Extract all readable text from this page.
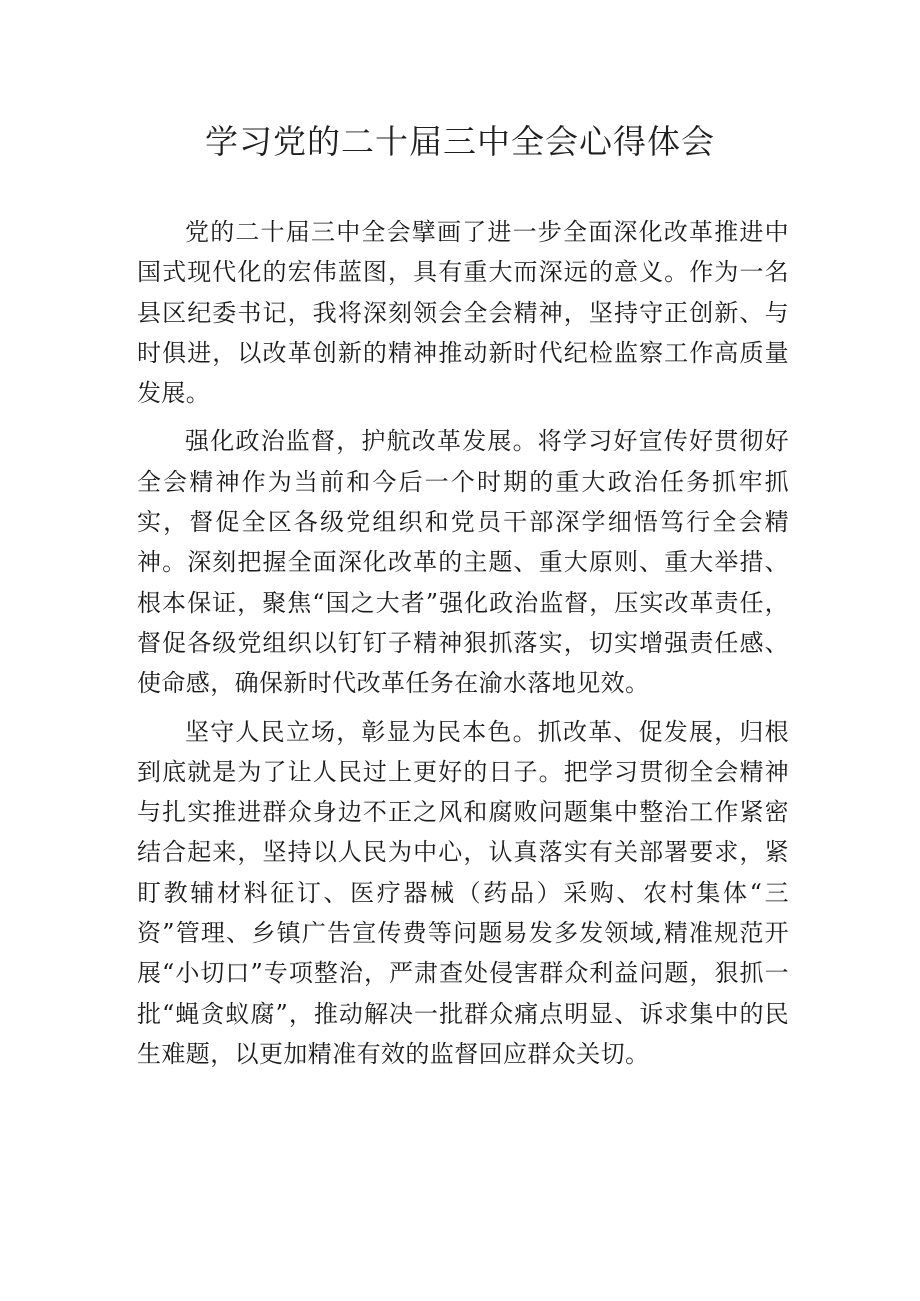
学习党的二十届三中全会心得体会

党的二十届三中全会擘画了进一步全面深化改革推进中国式现代化的宏伟蓝图，具有重大而深远的意义。作为一名县区纪委书记，我将深刻领会全会精神，坚持守正创新、与时俱进，以改革创新的精神推动新时代纪检监察工作高质量发展。

强化政治监督，护航改革发展。将学习好宣传好贯彻好全会精神作为当前和今后一个时期的重大政治任务抓牢抓实，督促全区各级党组织和党员干部深学细悟笃行全会精神。深刻把握全面深化改革的主题、重大原则、重大举措、根本保证，聚焦“国之大者”强化政治监督，压实改革责任，督促各级党组织以钉钉子精神狠抓落实，切实增强责任感、使命感，确保新时代改革任务在渝水落地见效。

坚守人民立场，彰显为民本色。抓改革、促发展，归根到底就是为了让人民过上更好的日子。把学习贯彻全会精神与扎实推进群众身边不正之风和腐败问题集中整治工作紧密结合起来，坚持以人民为中心，认真落实有关部署要求，紧盯教辅材料征订、医疗器械（药品）采购、农村集体“三资”管理、乡镇广告宣传费等问题易发多发领域,精准规范开展“小切口”专项整治，严肃查处侵害群众利益问题，狠抓一批“蝇贪蚁腐”，推动解决一批群众痛点明显、诉求集中的民生难题，以更加精准有效的监督回应群众关切。
